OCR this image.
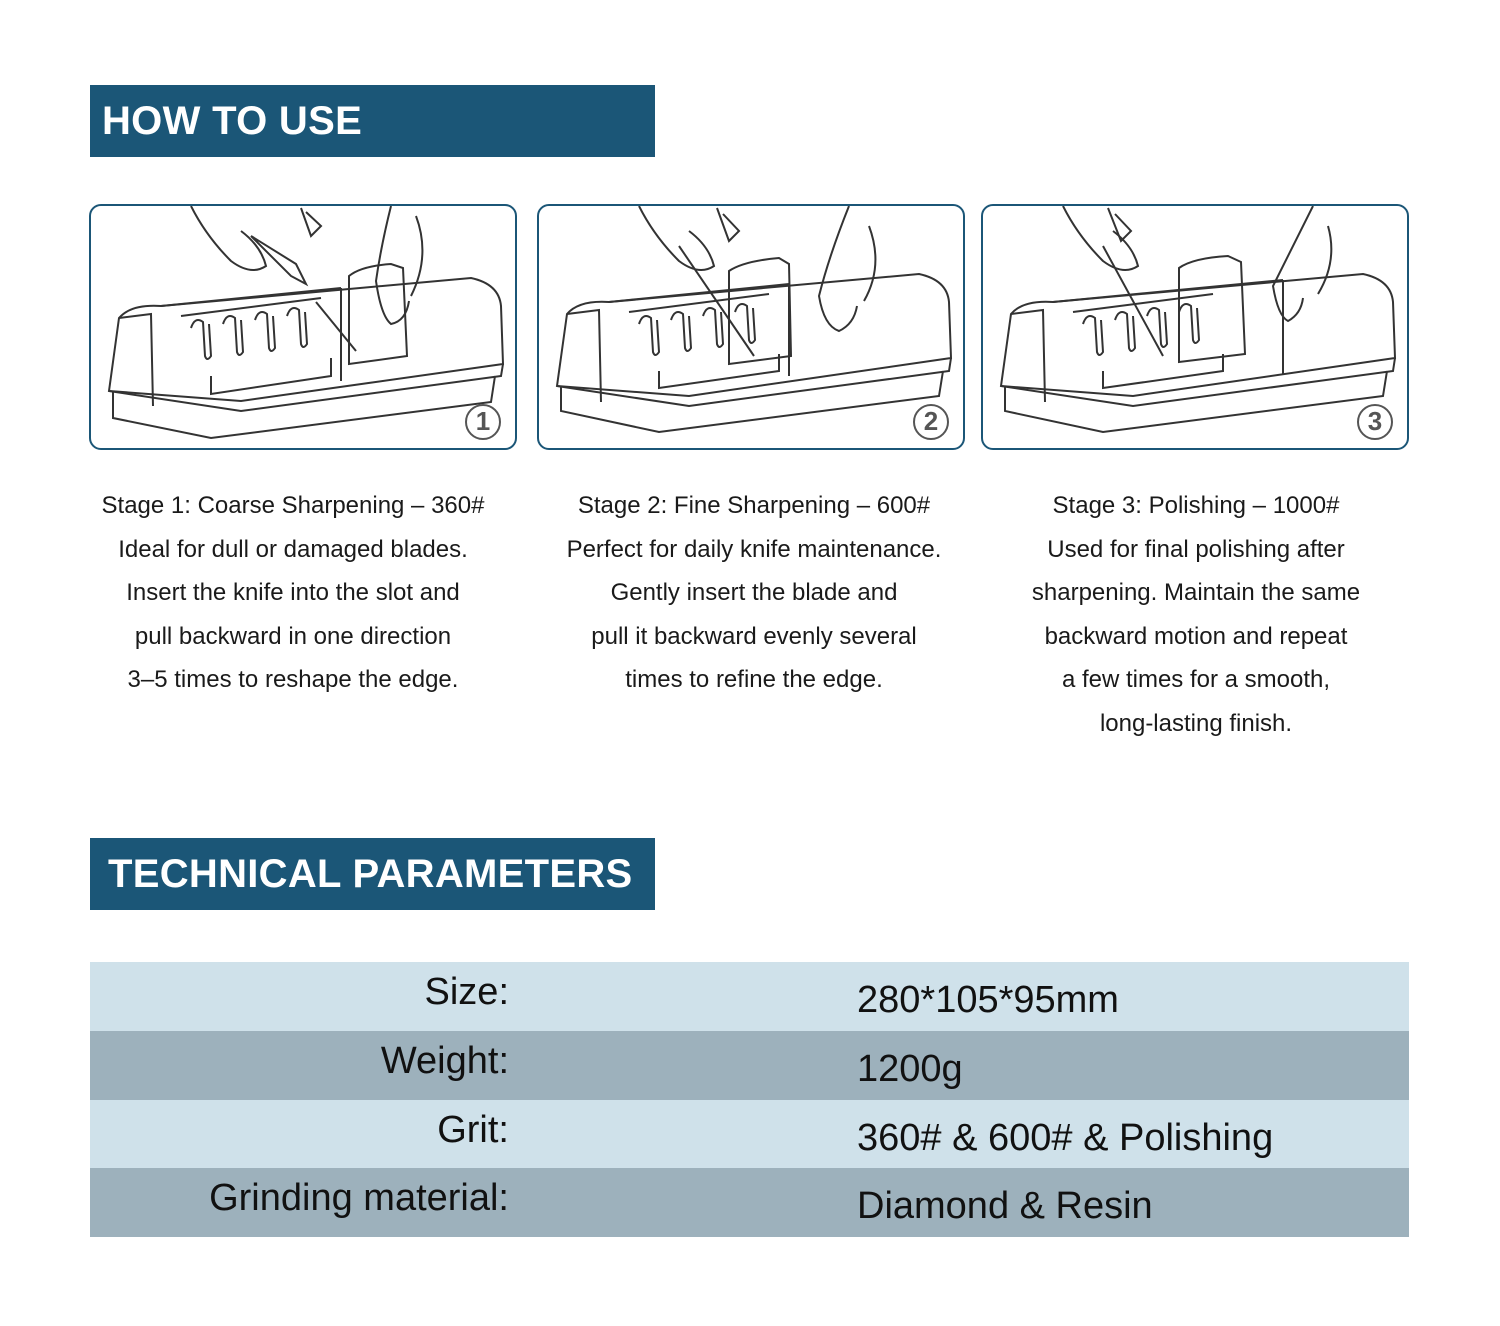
HOW TO USE
1	2	3
Stage 1: Coarse Sharpening – 360#
Ideal for dull or damaged blades.
Insert the knife into the slot and
pull backward in one direction
3–5 times to reshape the edge.
Stage 2: Fine Sharpening – 600#
Perfect for daily knife maintenance.
Gently insert the blade and
pull it backward evenly several
times to refine the edge.
Stage 3: Polishing – 1000#
Used for final polishing after
sharpening. Maintain the same
backward motion and repeat
a few times for a smooth,
long-lasting finish.
TECHNICAL PARAMETERS
Size:	280*105*95mm
Weight:	1200g
Grit:	360# & 600# & Polishing
Grinding material:	Diamond & Resin
